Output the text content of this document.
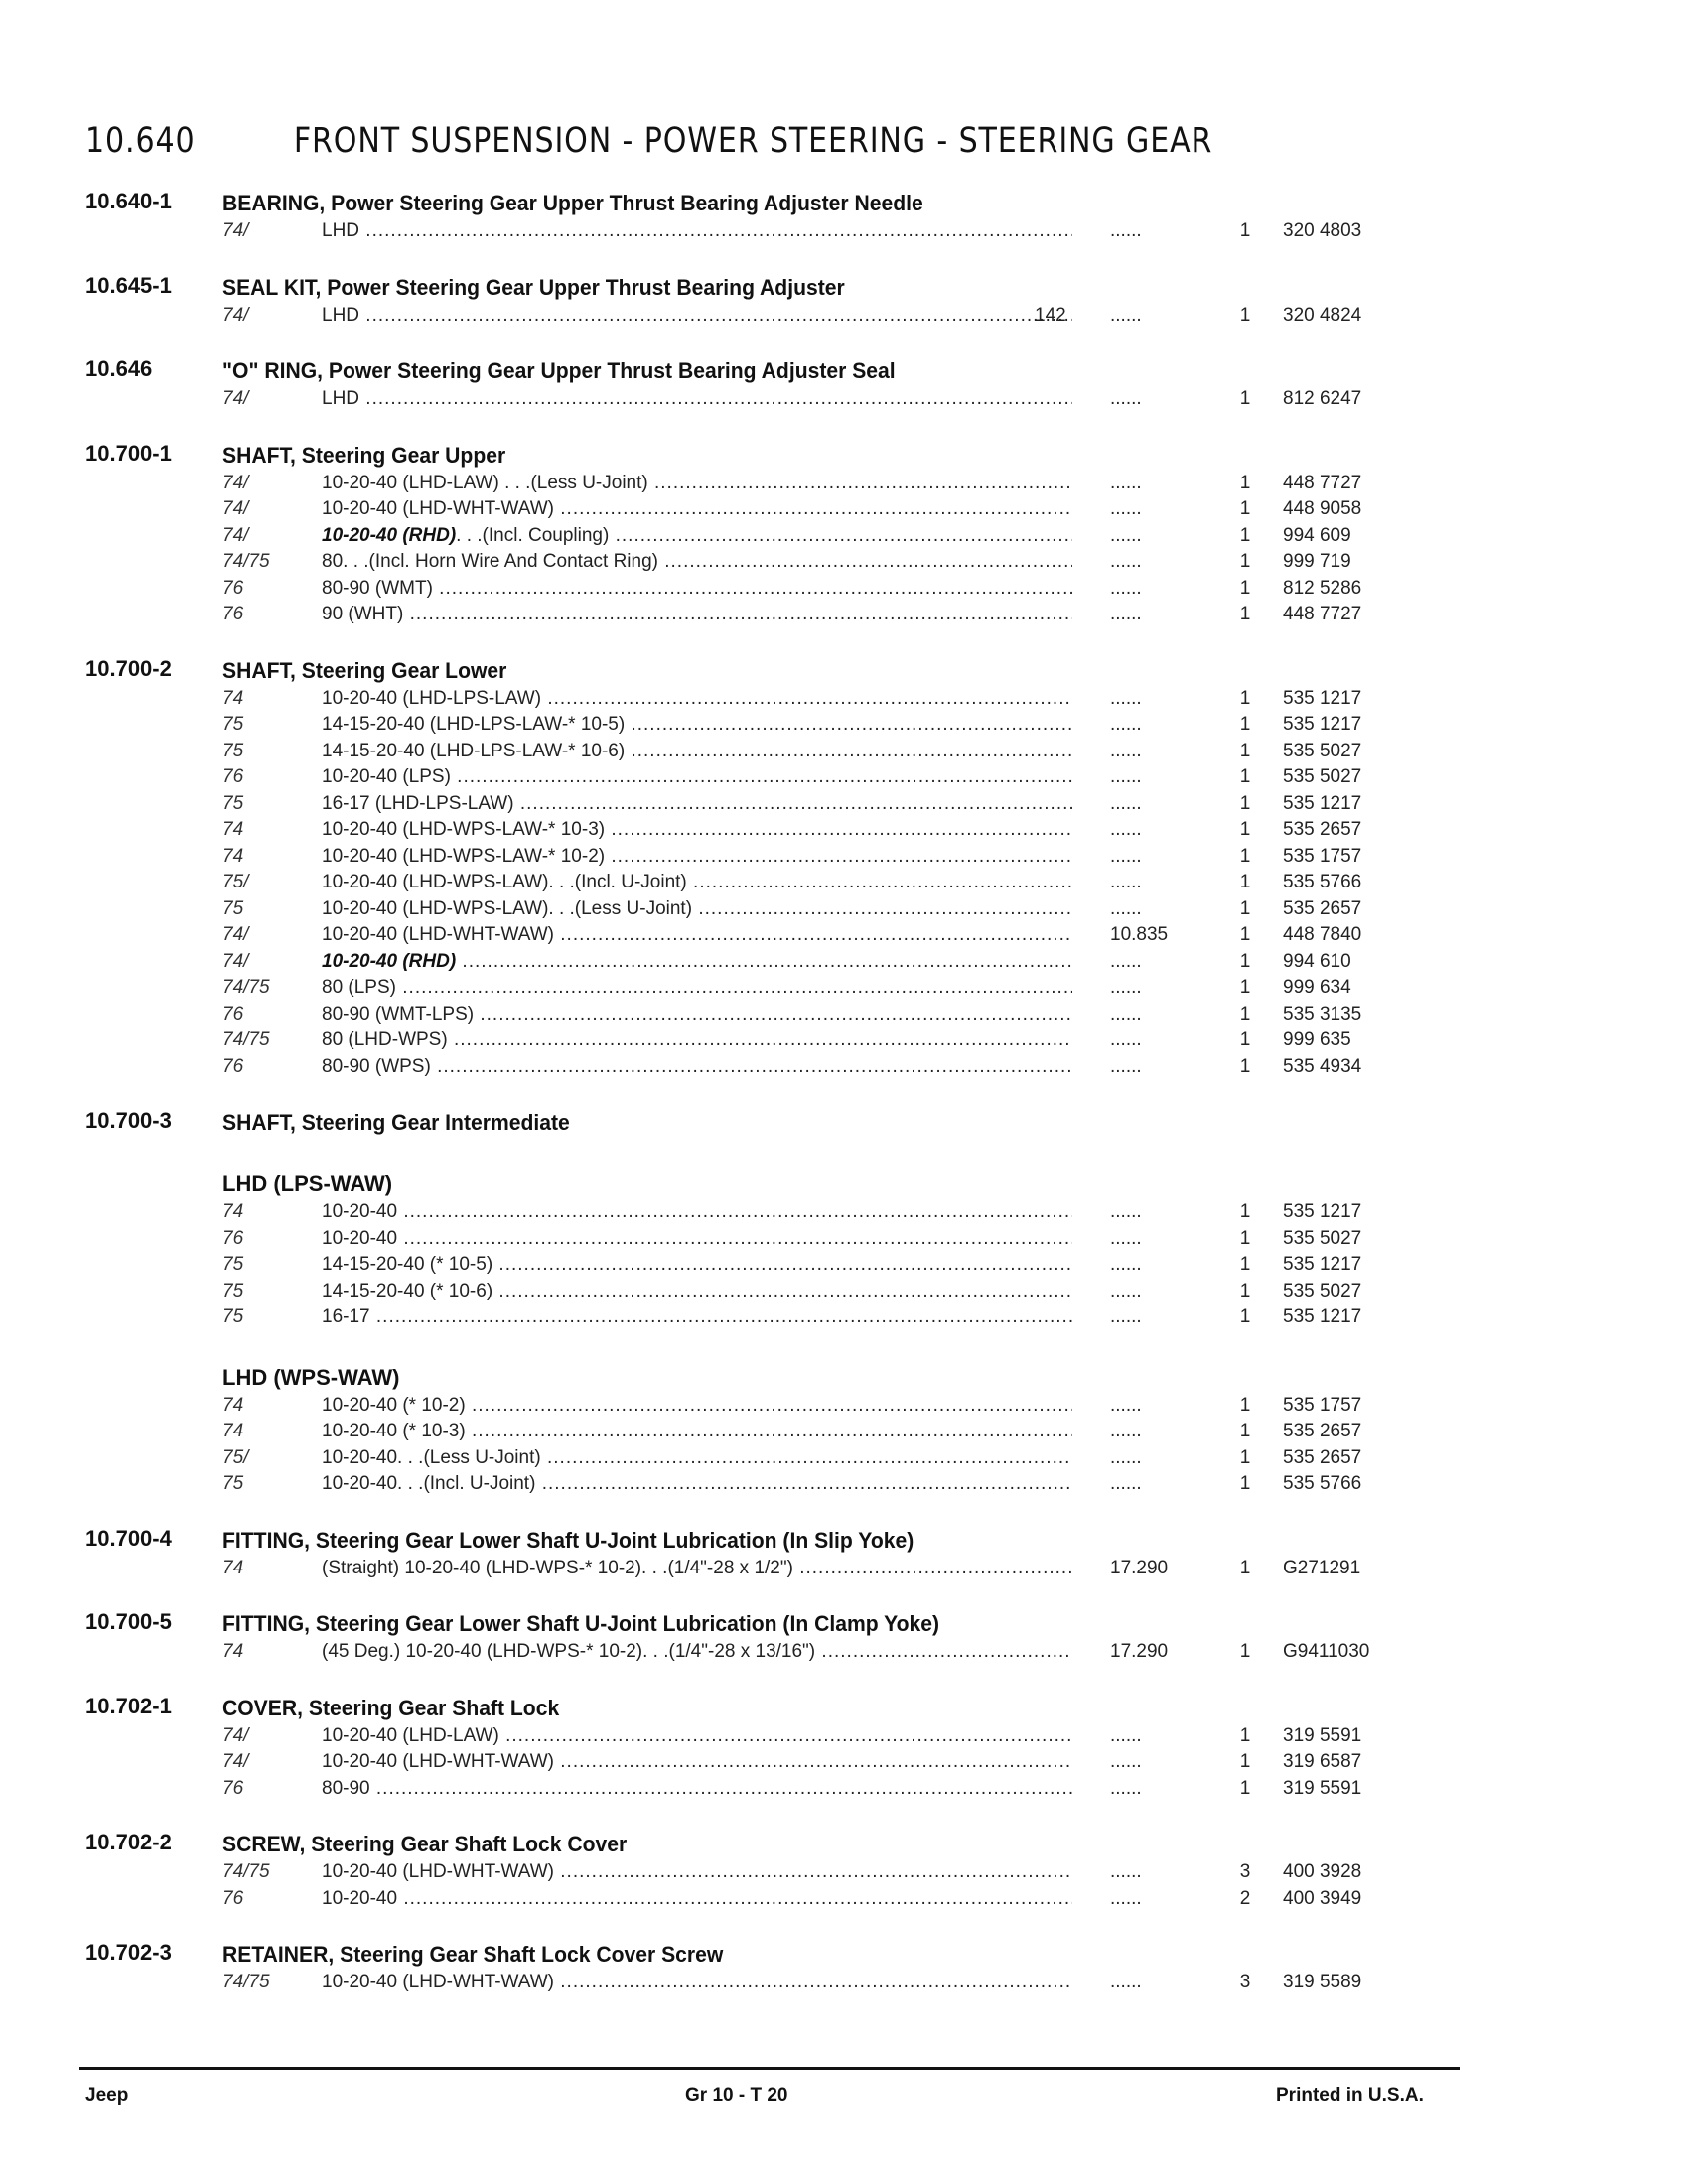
10.640	FRONT SUSPENSION - POWER STEERING - STEERING GEAR
10.640-1 BEARING, Power Steering Gear Upper Thrust Bearing Adjuster Needle
74/	LHD .....	......	1	320 4803
10.645-1 SEAL KIT, Power Steering Gear Upper Thrust Bearing Adjuster
74/	LHD .....	142	......	1	320 4824
10.646	"O" RING, Power Steering Gear Upper Thrust Bearing Adjuster Seal
74/	LHD .....	......	1	812 6247
10.700-1 SHAFT, Steering Gear Upper
74/	10-20-40 (LHD-LAW) . . .(Less U-Joint) .....	......	1	448 7727
74/	10-20-40 (LHD-WHT-WAW) .....	......	1	448 9058
74/	10-20-40 (RHD). . .(Incl. Coupling) .....	......	1	994 609
74/75	80. . .(Incl. Horn Wire And Contact Ring) .....	......	1	999 719
76	80-90 (WMT) .....	......	1	812 5286
76	90 (WHT) .....	......	1	448 7727
10.700-2 SHAFT, Steering Gear Lower
74	10-20-40 (LHD-LPS-LAW) .....	......	1	535 1217
75	14-15-20-40 (LHD-LPS-LAW-* 10-5) .....	......	1	535 1217
75	14-15-20-40 (LHD-LPS-LAW-* 10-6) .....	......	1	535 5027
76	10-20-40 (LPS) .....	......	1	535 5027
75	16-17 (LHD-LPS-LAW) .....	......	1	535 1217
74	10-20-40 (LHD-WPS-LAW-* 10-3) .....	......	1	535 2657
74	10-20-40 (LHD-WPS-LAW-* 10-2) .....	......	1	535 1757
75/	10-20-40 (LHD-WPS-LAW). . .(Incl. U-Joint) .....	......	1	535 5766
75	10-20-40 (LHD-WPS-LAW). . .(Less U-Joint) .....	......	1	535 2657
74/	10-20-40 (LHD-WHT-WAW) .....	10.835	1	448 7840
74/	10-20-40 (RHD) .....	......	1	994 610
74/75	80 (LPS) .....	......	1	999 634
76	80-90 (WMT-LPS) .....	......	1	535 3135
74/75	80 (LHD-WPS) .....	......	1	999 635
76	80-90 (WPS) .....	......	1	535 4934
10.700-3 SHAFT, Steering Gear Intermediate
LHD (LPS-WAW)
74	10-20-40 .....	......	1	535 1217
76	10-20-40 .....	......	1	535 5027
75	14-15-20-40 (* 10-5) .....	......	1	535 1217
75	14-15-20-40 (* 10-6) .....	......	1	535 5027
75	16-17 .....	......	1	535 1217
LHD (WPS-WAW)
74	10-20-40 (* 10-2) .....	......	1	535 1757
74	10-20-40 (* 10-3) .....	......	1	535 2657
75/	10-20-40. . .(Less U-Joint) .....	......	1	535 2657
75	10-20-40. . .(Incl. U-Joint) .....	......	1	535 5766
10.700-4 FITTING, Steering Gear Lower Shaft U-Joint Lubrication (In Slip Yoke)
74	(Straight) 10-20-40 (LHD-WPS-* 10-2). . .(1/4"-28 x 1/2") .....	17.290	1	G271291
10.700-5 FITTING, Steering Gear Lower Shaft U-Joint Lubrication (In Clamp Yoke)
74	(45 Deg.) 10-20-40 (LHD-WPS-* 10-2). . .(1/4"-28 x 13/16") .....	17.290	1	G9411030
10.702-1 COVER, Steering Gear Shaft Lock
74/	10-20-40 (LHD-LAW) .....	......	1	319 5591
74/	10-20-40 (LHD-WHT-WAW) .....	......	1	319 6587
76	80-90 .....	......	1	319 5591
10.702-2 SCREW, Steering Gear Shaft Lock Cover
74/75	10-20-40 (LHD-WHT-WAW) .....	......	3	400 3928
76	10-20-40 .....	......	2	400 3949
10.702-3 RETAINER, Steering Gear Shaft Lock Cover Screw
74/75	10-20-40 (LHD-WHT-WAW) .....	......	3	319 5589
Jeep	Gr 10 - T 20	Printed in U.S.A.
